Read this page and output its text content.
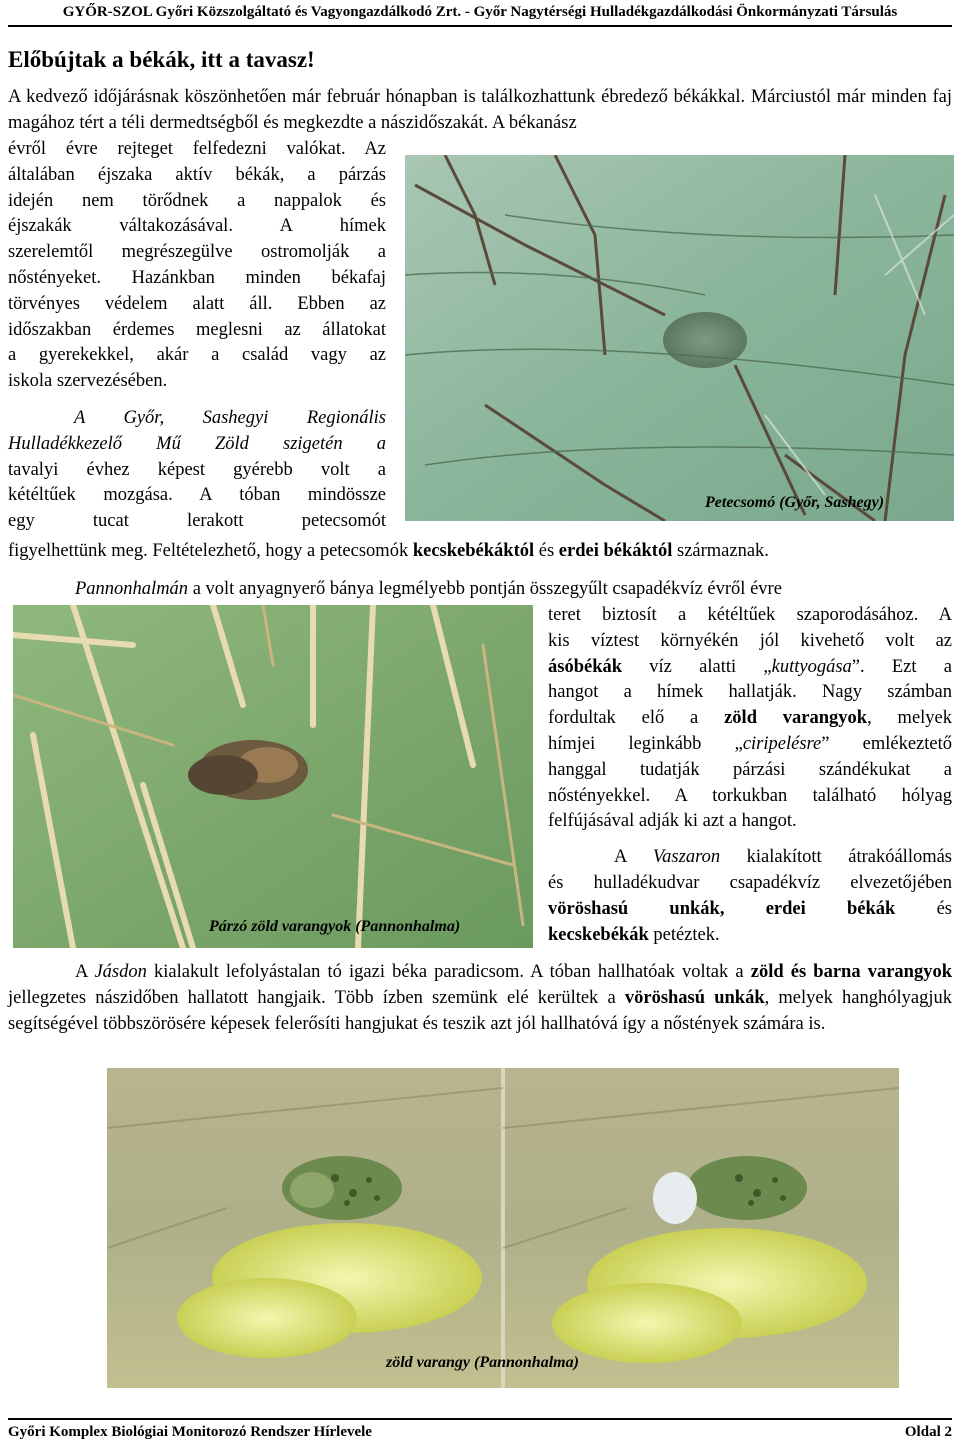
GYŐR-SZOL Győri Közszolgáltató és Vagyongazdálkodó Zrt. - Győr Nagytérségi Hulladékgazdálkodási Önkormányzati Társulás
Előbújtak a békák, itt a tavasz!
A kedvező időjárásnak köszönhetően már február hónapban is találkozhattunk ébredező békákkal. Márciustól már minden faj magához tért a téli dermedtségből és megkezdte a nászidőszakát. A békanász
évről évre rejteget felfedezni valókat. Az
általában éjszaka aktív békák, a párzás
idején nem törődnek a nappalok és
éjszakák váltakozásával. A hímek
szerelemtől megrészegülve ostromolják a
nőstényeket. Hazánkban minden békafaj
törvényes védelem alatt áll. Ebben az
időszakban érdemes meglesni az állatokat
a gyerekekkel, akár a család vagy az
iskola szervezésében.
A Győr, Sashegyi Regionális
Hulladékkezelő Mű Zöld szigetén a
tavalyi évhez képest gyérebb volt a
kétéltűek mozgása. A tóban mindössze
egy tucat lerakott petecsomót
Petecsomó (Győr, Sashegy)
figyelhettünk meg. Feltételezhető, hogy a petecsomók kecskebékáktól és erdei békáktól származnak.
Pannonhalmán a volt anyagnyerő bánya legmélyebb pontján összegyűlt csapadékvíz évről évre
Párzó zöld varangyok (Pannonhalma)
teret biztosít a kétéltűek szaporodásához. A
kis víztest környékén jól kivehető volt az
ásóbékák víz alatti „kuttyogása”. Ezt a
hangot a hímek hallatják. Nagy számban
fordultak elő a zöld varangyok, melyek
hímjei leginkább „ciripelésre” emlékeztető
hanggal tudatják párzási szándékukat a
nőstényekkel. A torkukban található hólyag
felfújásával adják ki azt a hangot.
A Vaszaron kialakított átrakóállomás
és hulladékudvar csapadékvíz elvezetőjében
vöröshasú unkák, erdei békák és
kecskebékák petéztek.
A Jásdon kialakult lefolyástalan tó igazi béka paradicsom. A tóban hallhatóak voltak a zöld és barna varangyok jellegzetes nászidőben hallatott hangjaik. Több ízben szemünk elé kerültek a vöröshasú unkák, melyek hanghólyagjuk segítségével többszörösére képesek felerősíti hangjukat és teszik azt jól hallhatóvá így a nőstények számára is.
zöld varangy (Pannonhalma)
Győri Komplex Biológiai Monitorozó Rendszer Hírlevele	Oldal 2
